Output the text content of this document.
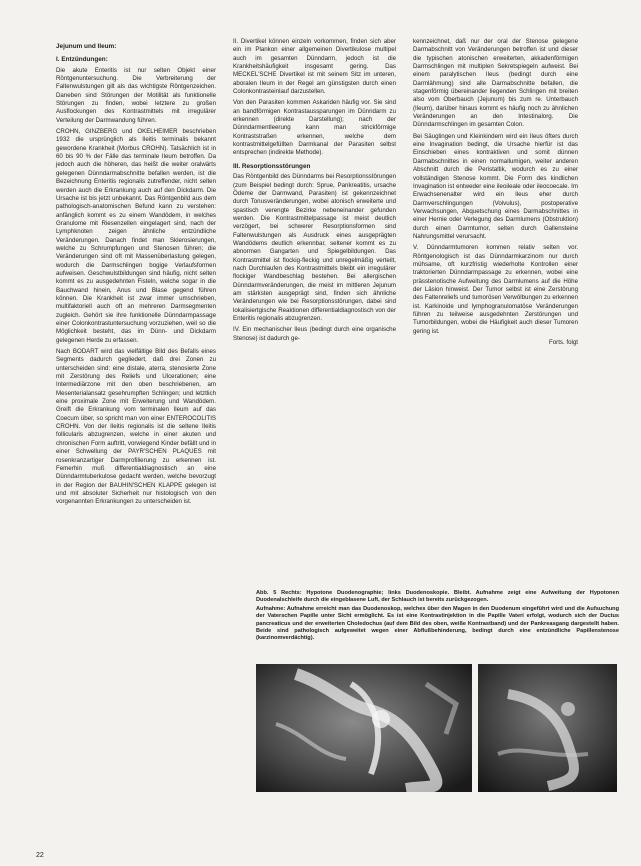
Jejunum und Ileum:
I. Entzündungen:

Die akute Enteritis ist nur selten Objekt einer Röntgenuntersuchung. Die Verbreiterung der Faltenwulstungen gilt als das wichtigste Röntgenzeichen. Daneben sind Störungen der Motilität als funktionelle Störungen zu finden, wobei letztere zu großen Ausflockungen des Kontrastmittels mit irregulärer Verteilung der Darmwandung führen.

CROHN, GINZBERG und OKELHEIMER beschrieben 1932 die ursprünglich als Ileitis terminalis bekannt gewordene Krankheit (Morbus CROHN). Tatsächlich ist in 60 bis 90 % der Fälle das terminale Ileum betroffen. Da jedoch auch die höheren, das heißt die weiter oralwärts gelegenen Dünndarmabschnitte befallen werden, ist die Bezeichnung Enteritis regionalis zutreffender, nicht selten werden auch die Erkrankung auch auf den Dickdarm. Die Ursache ist bis jetzt unbekannt. Das Röntgenbild aus dem pathologisch-anatomischen Befund kann zu verstehen: anfänglich kommt es zu einem Wandödem, in welches Granulome mit Riesenzellen eingelagert sind, nach der Lymphknoten zeigen ähnliche entzündliche Veränderungen. Danach findet man Sklerosierungen, welche zu Schrumpfungen und Stenosen führen; die Veränderungen sind oft mit Massenüberlastung gelegen, wodurch die Darmschlingen bogige Verlaufsformen aufweisen. Geschwulstbildungen sind häufig, nicht selten kommt es zu ausgedehnten Fisteln, welche sogar in die Bauchwand hinein, Anus und Blase gegend führen können. Die Krankheit ist zwar immer umschrieben, multifaktoriell auch oft an mehreren Darmsegmenten zugleich. Gehört sie ihre funktionelle Dünndarmpassage einer Colonkontrastuntersuchung vorzuziehen, weil so die Möglichkeit besteht, das im Dünn- und Dickdarm gelegenen Herde zu erfassen.

Nach BODART wird das vielfältige Bild des Befalls eines Segments dadurch gegliedert, daß drei Zonen zu unterscheiden sind: eine distale, aterra, stenosierte Zone mit Zerstörung des Reliefs und Ulcerationen; eine Intermediärzone mit den oben beschriebenen, am Mesenterialansatz gesehrumpften Schlingen; und letztlich eine proximale Zone mit Erweiterung und Wandödem. Greift die Erkrankung vom terminalen Ileum auf das Coecum über, so spricht man von einer ENTEROCOLITIS CROHN. Von der Ileitis regionalis ist die seltene Ileitis follicularis abzugrenzen, welche in einer akuten und chronischen Form auftritt, vorwiegend Kinder befällt und in einer Schwellung der PAYR'SCHEN PLAQUES mit rosenkranzartiger Darmprofilierung zu erkennen ist. Femerhin muß differentialdiagnostisch an eine Dünndarmtuberkulose gedacht werden, welche bevorzugt in der Region der BAUHIN'SCHEN KLAPPE gelegen ist und mit absoluter Sicherheit nur histologisch von den vorgenannten Erkrankungen zu unterscheiden ist.

II. Divertikel können einzeln vorkommen, finden sich aber ein im Plankon einer allgemeinen Divertikulose multipel auch im gesamten Dünndarm, jedoch ist die Krankheitshäufigkeit insgesamt gering. Das MECKEL'SCHE Divertikel ist mit seinem Sitz im unteren, aboralen Ileum in der Regel am günstigsten durch einen Colonkontrasteinlauf darzustellen.

Von den Parasiten kommen Askariden häufig vor. Sie sind an bandförmigen Kontrastaussparungen im Dünndarm zu erkennen (direkte Darstellung); nach der Dünndarmentleerung kann man strickförmige Kontraststraßen erkennen, welche dem kontrastmittelgefüllten Darmkanal der Parasiten selbst entsprechen (indirekte Methode).

III. Resorptionsstörungen

Das Röntgenbild des Dünndarms bei Resorptionsstörungen (zum Beispiel bedingt durch: Sprue, Pankreatitis, ursache Ödeme der Darmwand, Parasiten) ist gekennzeichnet durch Tonusveränderungen, wobei atonisch erweiterte und spastisch verengte Bezirke nebeneinander gefunden werden. Die Kontrastmittelpassage ist meist deutlich verzögert, bei schwerer Resorptionsformen sind Faltenwulstungen als Ausdruck eines ausgeprägten Wandödems deutlich erkennbar, seltener kommt es zu abnormen Gangarten und Spiegelbildungen. Das Kontrastmittel ist flockig-fleckig und unregelmäßig verteilt, nach Durchlaufen des Kontrastmittels bleibt ein irregulärer flockiger Wandbeschlag bestehen. Bei allergischen Dünndarmveränderungen, die meist im mittleren Jejunum am stärksten ausgeprägt sind, finden sich ähnliche Veränderungen wie bei Resorptionsstörungen, dabei sind lokalisiertgische Reaktionen differentialdiagnostisch von der Enteritis regionalis abzugrenzen.

IV. Ein mechanischer Ileus (bedingt durch eine organische Stenose) ist dadurch ge-

kennzeichnet, daß nur der oral der Stenose gelegene Darmabschnitt von Veränderungen betroffen ist und dieser die typischen atonischen erweiterten, akkadenförmigen Darmschlingen mit multiplen Sekretspiegeln aufweist. Bei einem paralytischen Ileus (bedingt durch eine Darmlähmung) sind alle Darmabschnitte befallen, die stagenförmig übereinander liegenden Schlingen mit breiten also vom Oberbauch (Jejunum) bis zum re. Unterbauch (Ileum), darüber hinaus kommt es häufig noch zu ähnlichen Veränderungen an den Intestinalorg. Die Dünndarmschlingen im gesamten Colon.

Bei Säuglingen und Kleinkindern wird ein Ileus öfters durch eine Invagination bedingt, die Ursache hierfür ist das Einschieben eines kontraktiven und somit dünnen Darmabschnittes in einen normallumigen, weiter anderen Abschnitt durch die Peristaltik, wodurch es zu einer vollständigen Stenose kommt. Die Form des kindlichen Invagination ist entweder eine ileoileale oder ileocoecale. Im Erwachsenenalter wird ein Ileus eher durch Darmverschlingungen (Volvulus), postoperative Verwachsungen, Abquetschung eines Darmabschnittes in einer Hernie oder Verlegung des Darmlumens (Obstruktion) durch einen Darmtumor, selten durch Gallensteine Nahrungsmittel verursacht.

V. Dünndarmtumoren kommen relativ selten vor. Röntgenologisch ist das Dünndarmkarzinom nur durch mühsame, oft kurzfristig wiederholte Kontrollen einer traktorierten Dünndarmpassage zu erkennen, wobei eine prässtenotische Aufweitung des Darmlumens auf die Höhe der Läsion hinweist. Der Tumor selbst ist eine Zerstörung des Faltenreliefs und tumorösen Verwölbungen zu erkennen ist. Karkinoide und lymphogranulomatöse Veränderungen führen zu teilweise ausgedehnten Zerstörungen und Tumorbildungen, wobei die Häufigkeit auch dieser Tumoren gering ist.

Forts. folgt

Abb. 5 Rechts: Hypotone Duodenographie; links Duodenoskopie. Bleibt. Aufnahme zeigt eine Aufweitung der Hypotonen Duodenalschleife durch die eingeblasene Luft, der Schlauch ist bereits zurückgezogen.

Aufnahme: Aufnahme erreicht man das Duodenoskop, welches über den Magen in den Duodenum eingeführt wird und die Aufsuchung der Vaterschen Papille unter Sicht ermöglicht. Es ist eine Kontrastinjektion in die Papille Vateri erfolgt, wodurch sich der Ductus pancreaticus und der erweiterten Choledochus (auf dem Bild des oben, weiße Kontrastband) und der Pankreasgang dargestellt haben. Beide sind pathologisch aufgeweitet wegen einer Abflußbehinderung, bedingt durch eine entzündliche Papillenstenose (karzinomverdächtig).

22
